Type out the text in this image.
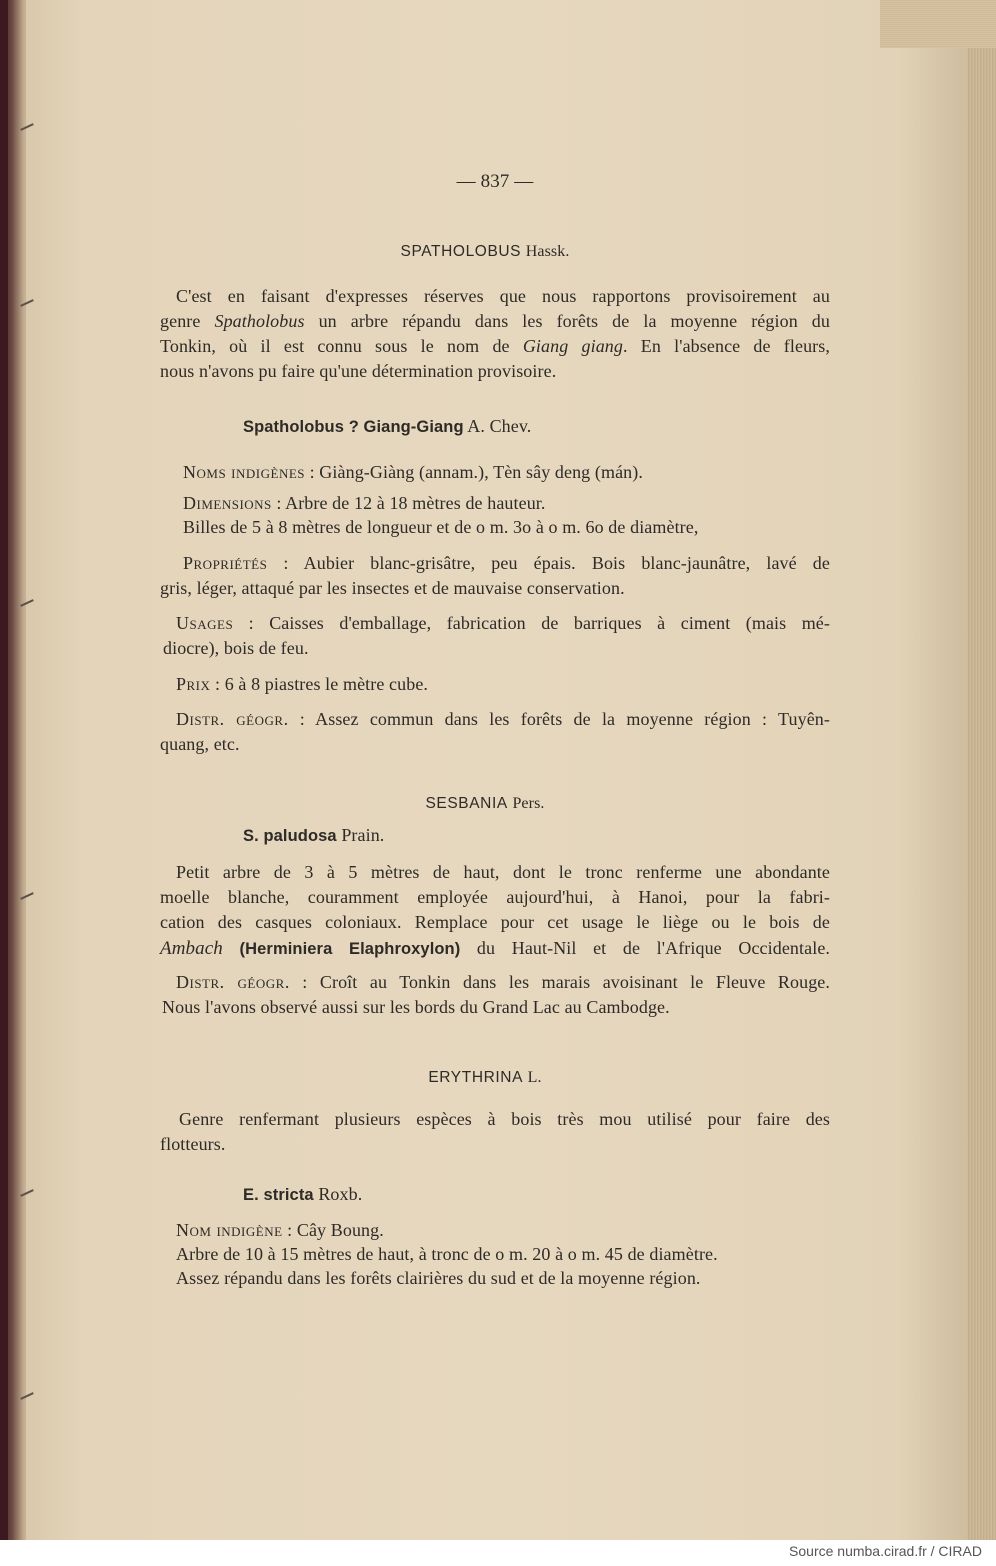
— 837 —
SPATHOLOBUS Hassk.
C'est en faisant d'expresses réserves que nous rapportons provisoirement au
genre Spatholobus un arbre répandu dans les forêts de la moyenne région du
Tonkin, où il est connu sous le nom de Giang giang. En l'absence de fleurs,
nous n'avons pu faire qu'une détermination provisoire.
Spatholobus ? Giang-Giang A. Chev.
Noms indigènes : Giàng-Giàng (annam.), Tèn sây deng (mán).
Dimensions : Arbre de 12 à 18 mètres de hauteur.
Billes de 5 à 8 mètres de longueur et de o m. 3o à o m. 6o de diamètre,
Propriétés : Aubier blanc-grisâtre, peu épais. Bois blanc-jaunâtre, lavé de
gris, léger, attaqué par les insectes et de mauvaise conservation.
Usages : Caisses d'emballage, fabrication de barriques à ciment (mais mé-
diocre), bois de feu.
Prix : 6 à 8 piastres le mètre cube.
Distr. géogr. : Assez commun dans les forêts de la moyenne région : Tuyên-
quang, etc.
SESBANIA Pers.
S. paludosa Prain.
Petit arbre de 3 à 5 mètres de haut, dont le tronc renferme une abondante
moelle blanche, couramment employée aujourd'hui, à Hanoi, pour la fabri-
cation des casques coloniaux. Remplace pour cet usage le liège ou le bois de
Ambach (Herminiera Elaphroxylon) du Haut-Nil et de l'Afrique Occidentale.
Distr. géogr. : Croît au Tonkin dans les marais avoisinant le Fleuve Rouge.
Nous l'avons observé aussi sur les bords du Grand Lac au Cambodge.
ERYTHRINA L.
Genre renfermant plusieurs espèces à bois très mou utilisé pour faire des
flotteurs.
E. stricta Roxb.
Nom indigène : Cây Boung.
Arbre de 10 à 15 mètres de haut, à tronc de o m. 20 à o m. 45 de diamètre.
Assez répandu dans les forêts clairières du sud et de la moyenne région.
Source numba.cirad.fr / CIRAD
